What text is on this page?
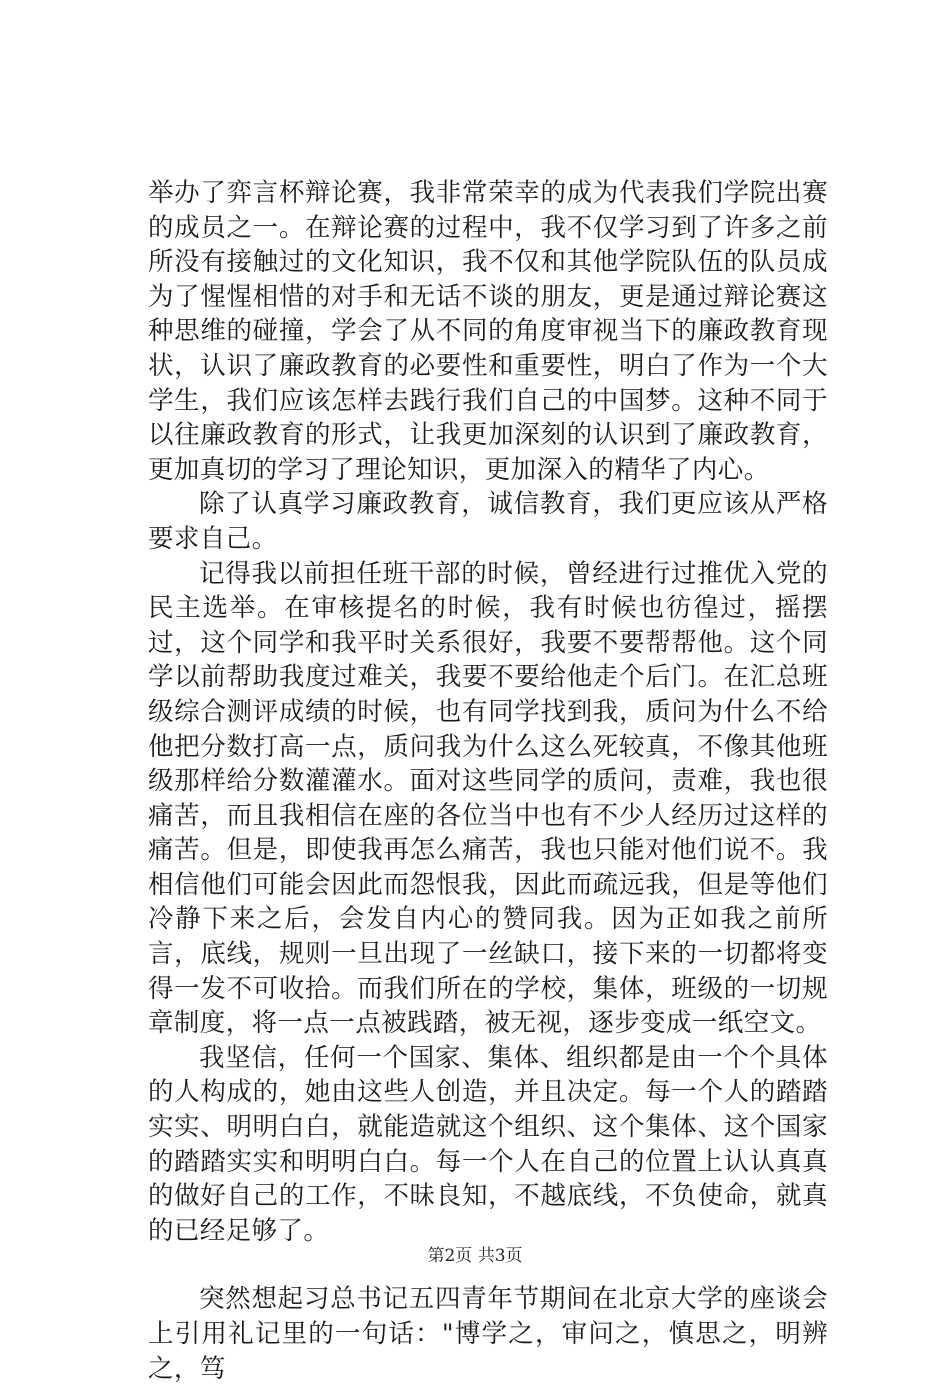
举办了弈言杯辩论赛，我非常荣幸的成为代表我们学院出赛的成员之一。在辩论赛的过程中，我不仅学习到了许多之前所没有接触过的文化知识，我不仅和其他学院队伍的队员成为了惺惺相惜的对手和无话不谈的朋友，更是通过辩论赛这种思维的碰撞，学会了从不同的角度审视当下的廉政教育现状，认识了廉政教育的必要性和重要性，明白了作为一个大学生，我们应该怎样去践行我们自己的中国梦。这种不同于以往廉政教育的形式，让我更加深刻的认识到了廉政教育，更加真切的学习了理论知识，更加深入的精华了内心。

除了认真学习廉政教育，诚信教育，我们更应该从严格要求自己。

记得我以前担任班干部的时候，曾经进行过推优入党的民主选举。在审核提名的时候，我有时候也彷徨过，摇摆过，这个同学和我平时关系很好，我要不要帮帮他。这个同学以前帮助我度过难关，我要不要给他走个后门。在汇总班级综合测评成绩的时候，也有同学找到我，质问为什么不给他把分数打高一点，质问我为什么这么死较真，不像其他班级那样给分数灌灌水。面对这些同学的质问，责难，我也很痛苦，而且我相信在座的各位当中也有不少人经历过这样的痛苦。但是，即使我再怎么痛苦，我也只能对他们说不。我相信他们可能会因此而怨恨我，因此而疏远我，但是等他们冷静下来之后，会发自内心的赞同我。因为正如我之前所言，底线，规则一旦出现了一丝缺口，接下来的一切都将变得一发不可收拾。而我们所在的学校，集体，班级的一切规章制度，将一点一点被践踏，被无视，逐步变成一纸空文。

我坚信，任何一个国家、集体、组织都是由一个个具体的人构成的，她由这些人创造，并且决定。每一个人的踏踏实实、明明白白，就能造就这个组织、这个集体、这个国家的踏踏实实和明明白白。每一个人在自己的位置上认认真真的做好自己的工作，不昧良知，不越底线，不负使命，就真的已经足够了。

突然想起习总书记五四青年节期间在北京大学的座谈会上引用礼记里的一句话："博学之，审问之，慎思之，明辨之，笃

第2页 共3页
